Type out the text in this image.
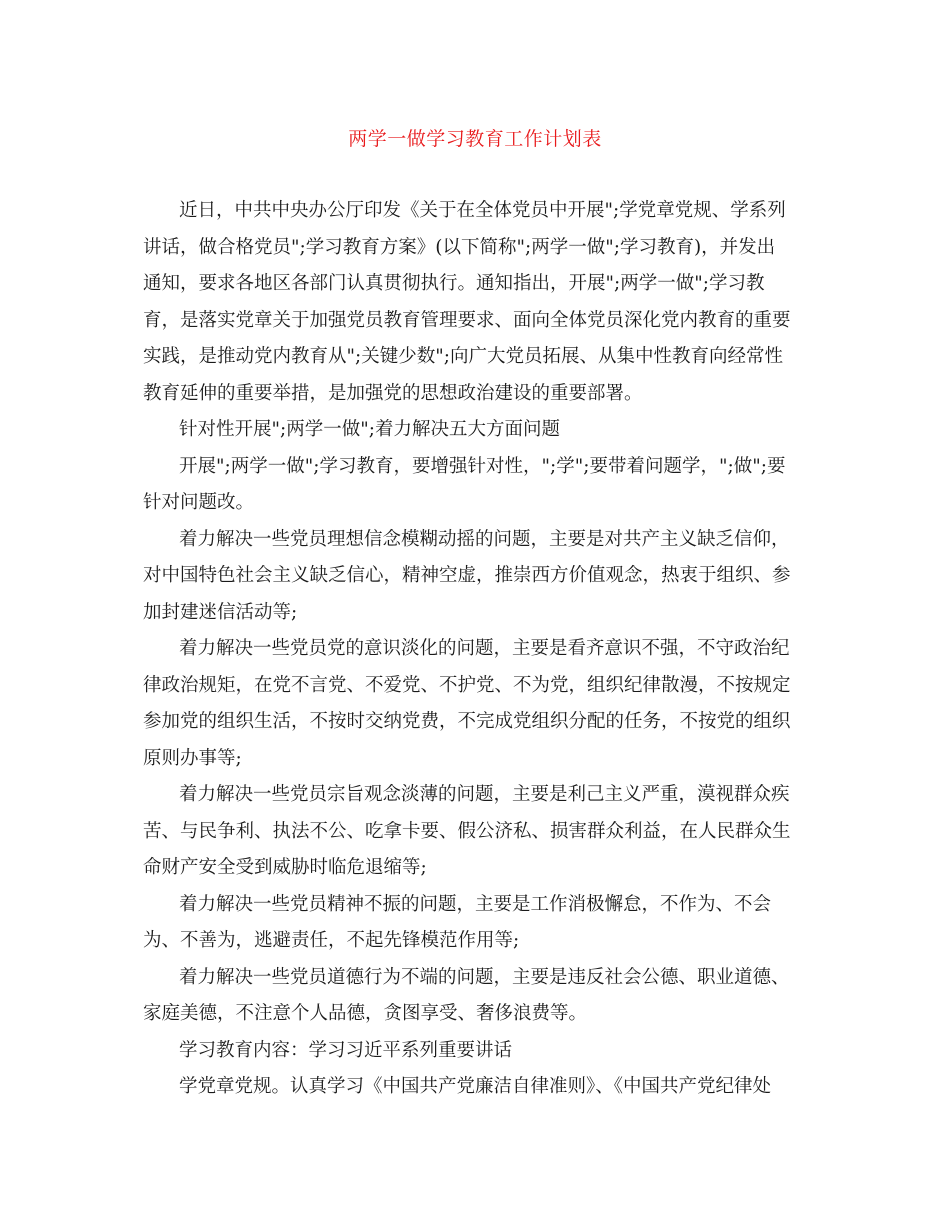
两学一做学习教育工作计划表
近日，中共中央办公厅印发《关于在全体党员中开展";学党章党规、学系列
讲话，做合格党员";学习教育方案》(以下简称";两学一做";学习教育)，并发出
通知，要求各地区各部门认真贯彻执行。通知指出，开展";两学一做";学习教
育，是落实党章关于加强党员教育管理要求、面向全体党员深化党内教育的重要
实践，是推动党内教育从";关键少数";向广大党员拓展、从集中性教育向经常性
教育延伸的重要举措，是加强党的思想政治建设的重要部署。
针对性开展";两学一做";着力解决五大方面问题
开展";两学一做";学习教育，要增强针对性，";学";要带着问题学，";做";要
针对问题改。
着力解决一些党员理想信念模糊动摇的问题，主要是对共产主义缺乏信仰，
对中国特色社会主义缺乏信心，精神空虚，推崇西方价值观念，热衷于组织、参
加封建迷信活动等;
着力解决一些党员党的意识淡化的问题，主要是看齐意识不强，不守政治纪
律政治规矩，在党不言党、不爱党、不护党、不为党，组织纪律散漫，不按规定
参加党的组织生活，不按时交纳党费，不完成党组织分配的任务，不按党的组织
原则办事等;
着力解决一些党员宗旨观念淡薄的问题，主要是利己主义严重，漠视群众疾
苦、与民争利、执法不公、吃拿卡要、假公济私、损害群众利益，在人民群众生
命财产安全受到威胁时临危退缩等;
着力解决一些党员精神不振的问题，主要是工作消极懈怠，不作为、不会
为、不善为，逃避责任，不起先锋模范作用等;
着力解决一些党员道德行为不端的问题，主要是违反社会公德、职业道德、
家庭美德，不注意个人品德，贪图享受、奢侈浪费等。
学习教育内容：学习习近平系列重要讲话
学党章党规。认真学习《中国共产党廉洁自律准则》、《中国共产党纪律处
